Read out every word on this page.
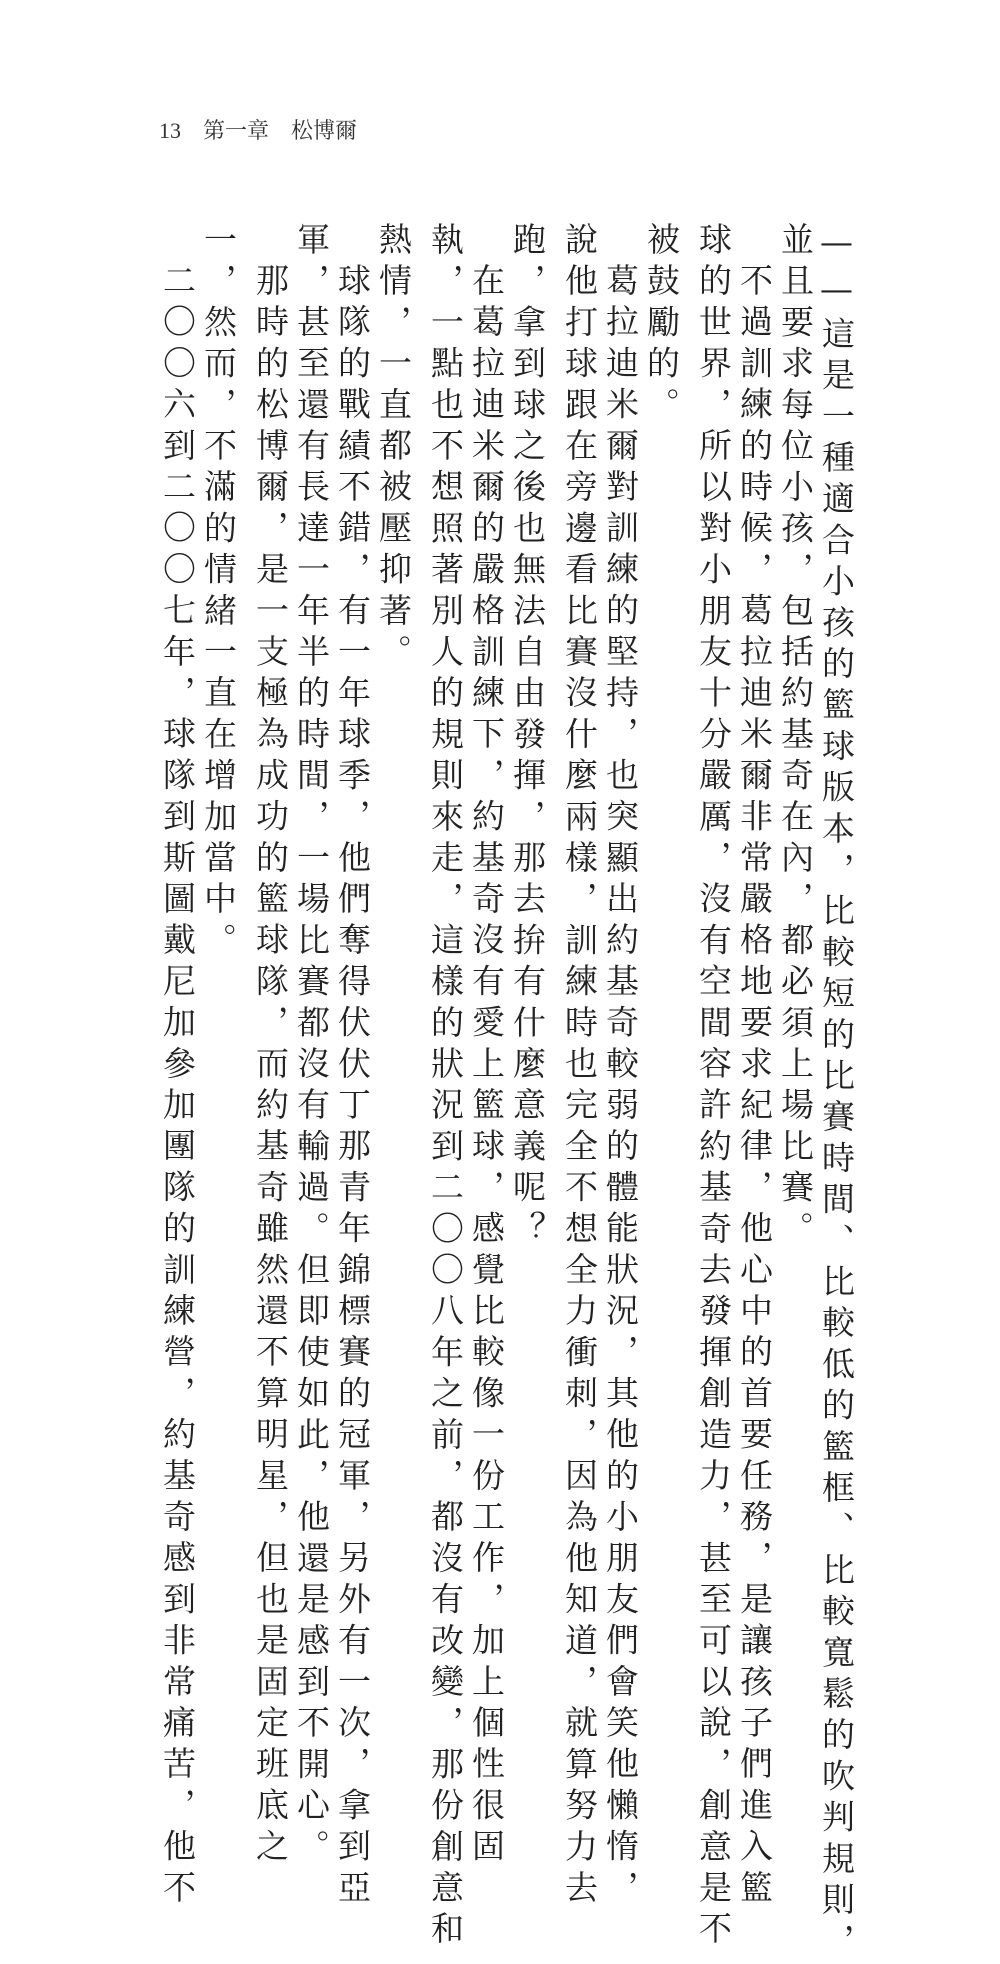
13 第一章 松博爾

——這是一種適合小孩的籃球版本，比較短的比賽時間、比較低的籃框、比較寬鬆的吹判規則，
並且要求每位小孩，包括約基奇在內，都必須上場比賽。
不過訓練的時候，葛拉迪米爾非常嚴格地要求紀律，他心中的首要任務，是讓孩子們進入籃
球的世界，所以對小朋友十分嚴厲，沒有空間容許約基奇去發揮創造力，甚至可以說，創意是不
被鼓勵的。
葛拉迪米爾對訓練的堅持，也突顯出約基奇較弱的體能狀況，其他的小朋友們會笑他懶惰，
說他打球跟在旁邊看比賽沒什麼兩樣，訓練時也完全不想全力衝刺，因為他知道，就算努力去
跑，拿到球之後也無法自由發揮，那去拚有什麼意義呢？
在葛拉迪米爾的嚴格訓練下，約基奇沒有愛上籃球，感覺比較像一份工作，加上個性很固
執，一點也不想照著別人的規則來走，這樣的狀況到二〇〇八年之前，都沒有改變，那份創意和
熱情，一直都被壓抑著。
球隊的戰績不錯，有一年球季，他們奪得伏伏丁那青年錦標賽的冠軍，另外有一次，拿到亞
軍，甚至還有長達一年半的時間，一場比賽都沒有輸過。但即使如此，他還是感到不開心。
那時的松博爾，是一支極為成功的籃球隊，而約基奇雖然還不算明星，但也是固定班底之
一，然而，不滿的情緒一直在增加當中。
二〇〇六到二〇〇七年，球隊到斯圖戴尼加參加團隊的訓練營，約基奇感到非常痛苦，他不
